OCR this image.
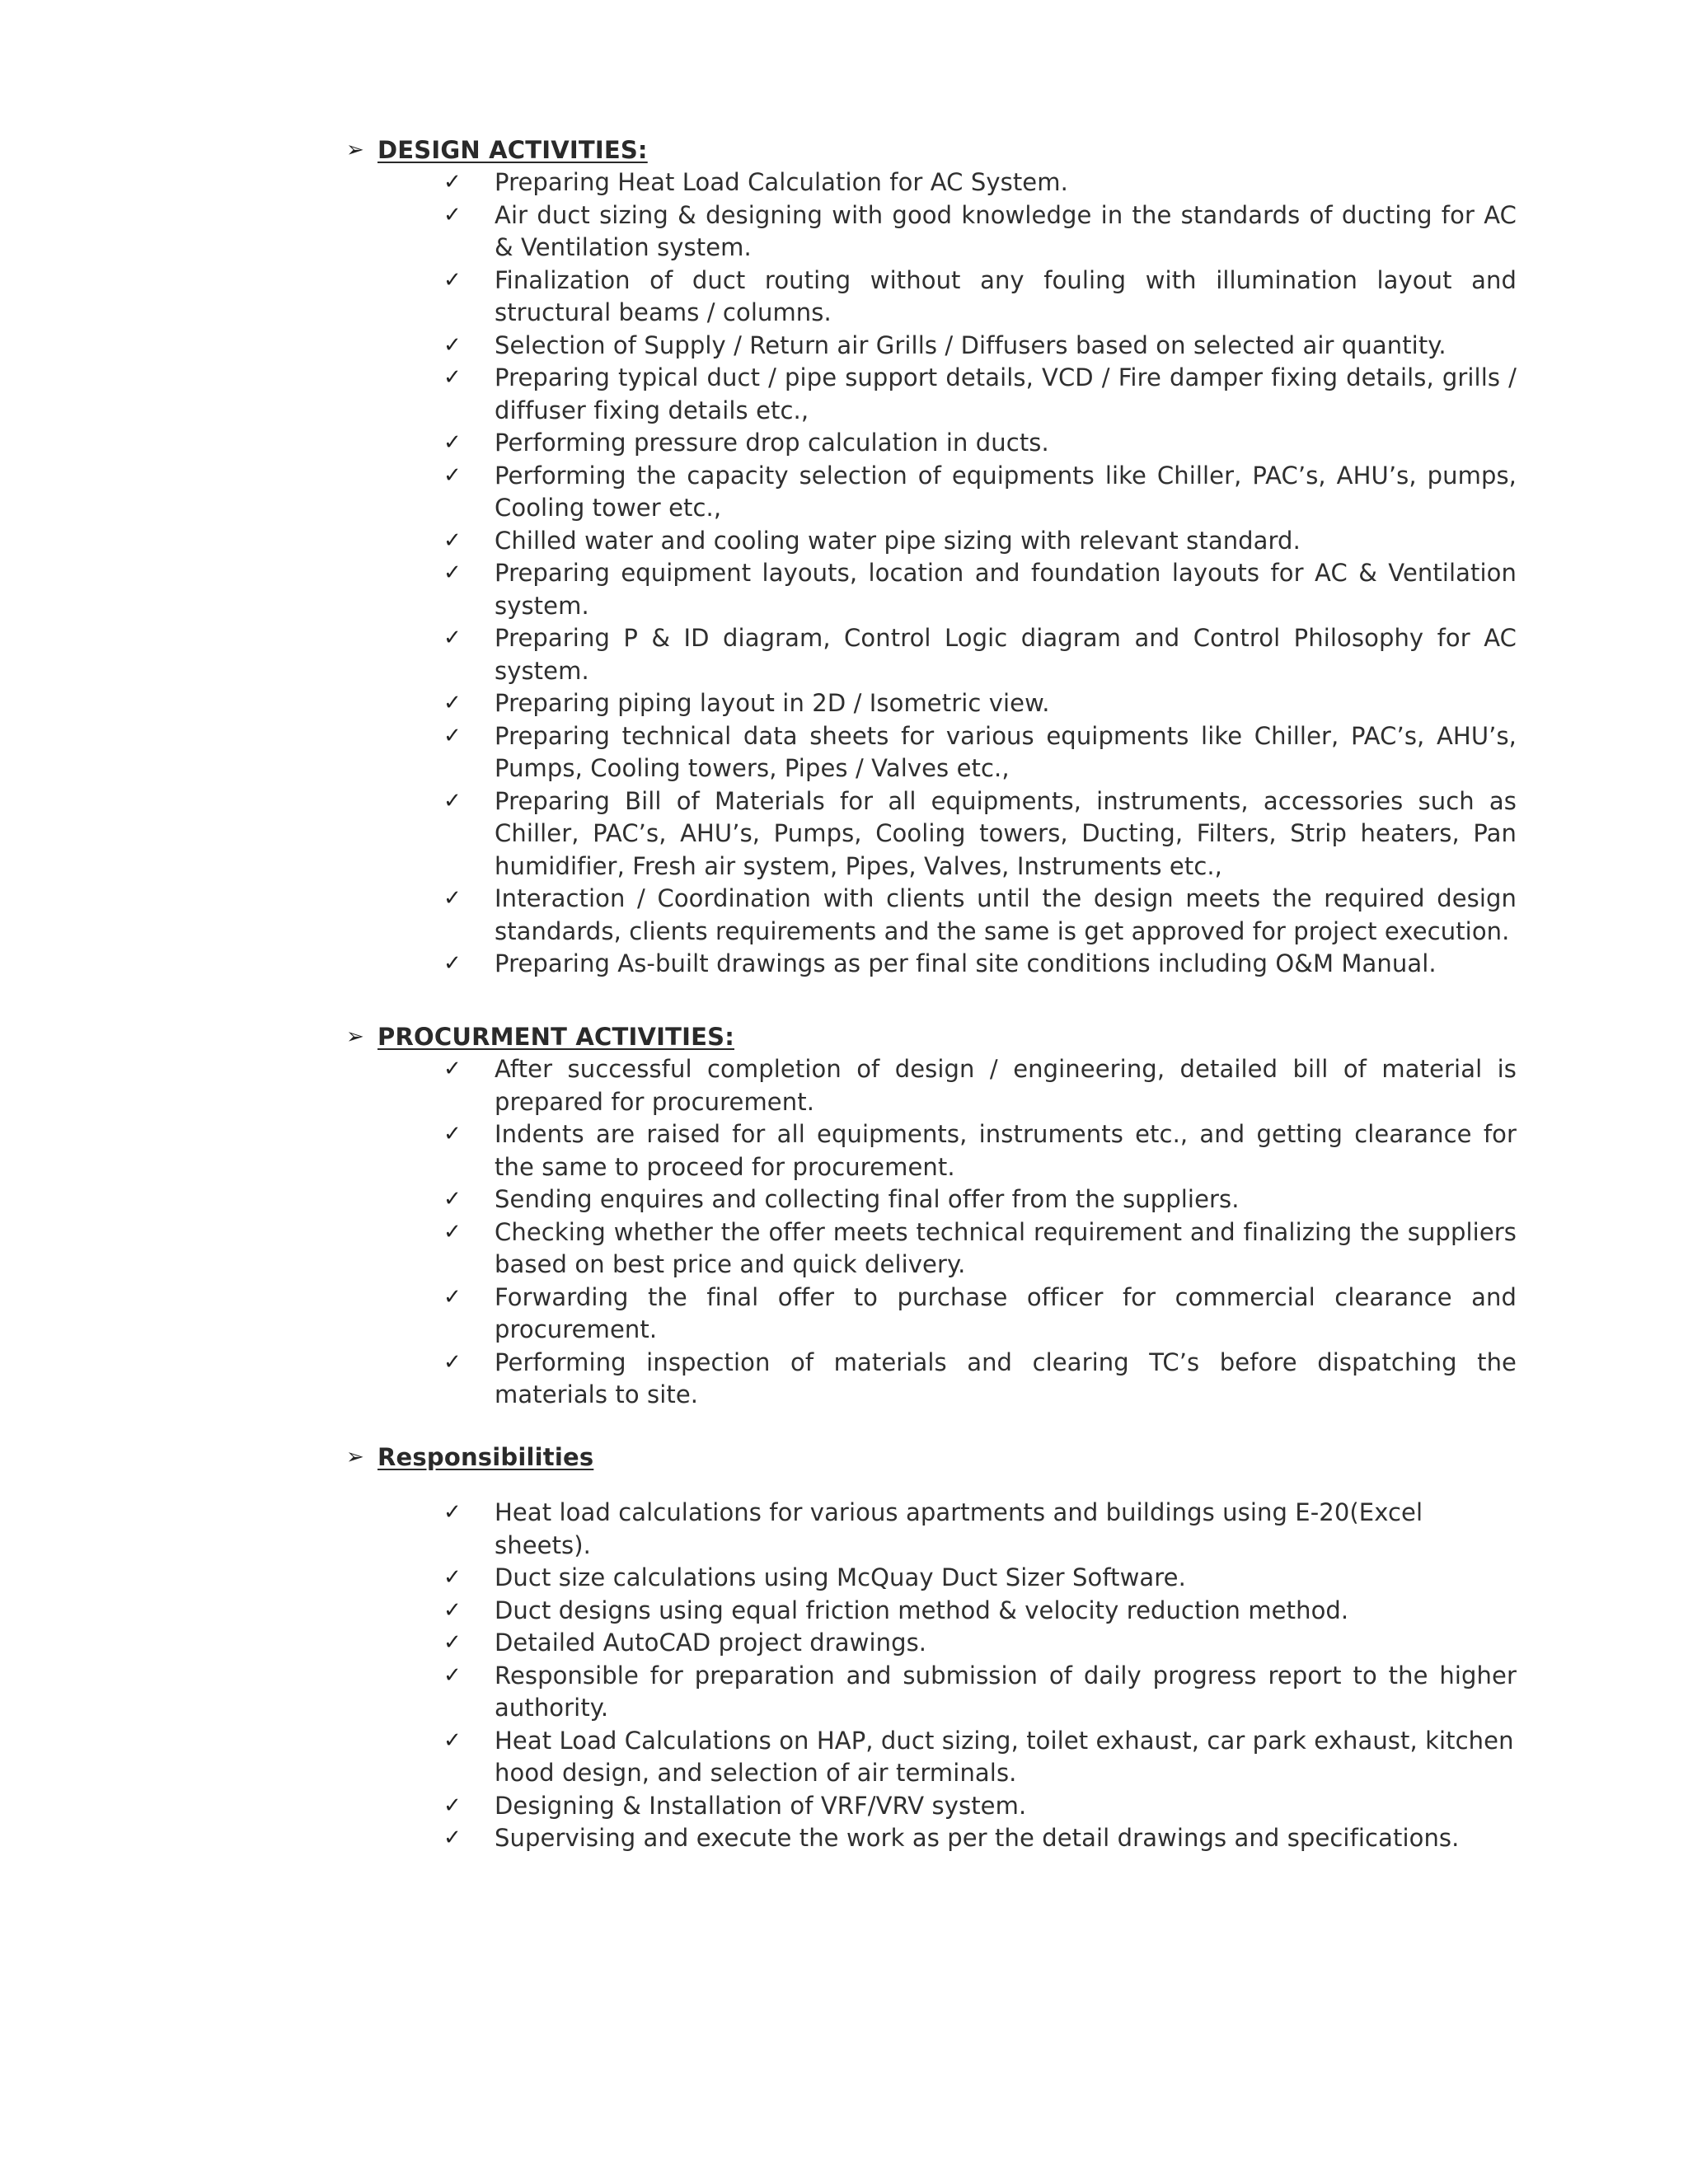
➢ DESIGN ACTIVITIES:
✓	Preparing Heat Load Calculation for AC System.
✓	Air duct sizing & designing with good knowledge in the standards of ducting for AC & Ventilation system.
✓	Finalization of duct routing without any fouling with illumination layout and structural beams / columns.
✓	Selection of Supply / Return air Grills / Diffusers based on selected air quantity.
✓	Preparing typical duct / pipe support details, VCD / Fire damper fixing details, grills / diffuser fixing details etc.,
✓	Performing pressure drop calculation in ducts.
✓	Performing the capacity selection of equipments like Chiller, PAC’s, AHU’s, pumps, Cooling tower etc.,
✓	Chilled water and cooling water pipe sizing with relevant standard.
✓	Preparing equipment layouts, location and foundation layouts for AC & Ventilation system.
✓	Preparing P & ID diagram, Control Logic diagram and Control Philosophy for AC system.
✓	Preparing piping layout in 2D / Isometric view.
✓	Preparing technical data sheets for various equipments like Chiller, PAC’s, AHU’s, Pumps, Cooling towers, Pipes / Valves etc.,
✓	Preparing Bill of Materials for all equipments, instruments, accessories such as Chiller, PAC’s, AHU’s, Pumps, Cooling towers, Ducting, Filters, Strip heaters, Pan humidifier, Fresh air system, Pipes, Valves, Instruments etc.,
✓	Interaction / Coordination with clients until the design meets the required design standards, clients requirements and the same is get approved for project execution.
✓	Preparing As-built drawings as per final site conditions including O&M Manual.
➢ PROCURMENT ACTIVITIES:
✓	After successful completion of design / engineering, detailed bill of material is prepared for procurement.
✓	Indents are raised for all equipments, instruments etc., and getting clearance for the same to proceed for procurement.
✓	Sending enquires and collecting final offer from the suppliers.
✓	Checking whether the offer meets technical requirement and finalizing the suppliers based on best price and quick delivery.
✓	Forwarding the final offer to purchase officer for commercial clearance and procurement.
✓	Performing inspection of materials and clearing TC’s before dispatching the materials to site.
➢ Responsibilities
✓	Heat load calculations for various apartments and buildings using E-20(Excel sheets).
✓	Duct size calculations using McQuay Duct Sizer Software.
✓	Duct designs using equal friction method & velocity reduction method.
✓	Detailed AutoCAD project drawings.
✓	Responsible for preparation and submission of daily progress report to the higher authority.
✓	Heat Load Calculations on HAP, duct sizing, toilet exhaust, car park exhaust, kitchen hood design, and selection of air terminals.
✓	Designing & Installation of VRF/VRV system.
✓	Supervising and execute the work as per the detail drawings and specifications.
